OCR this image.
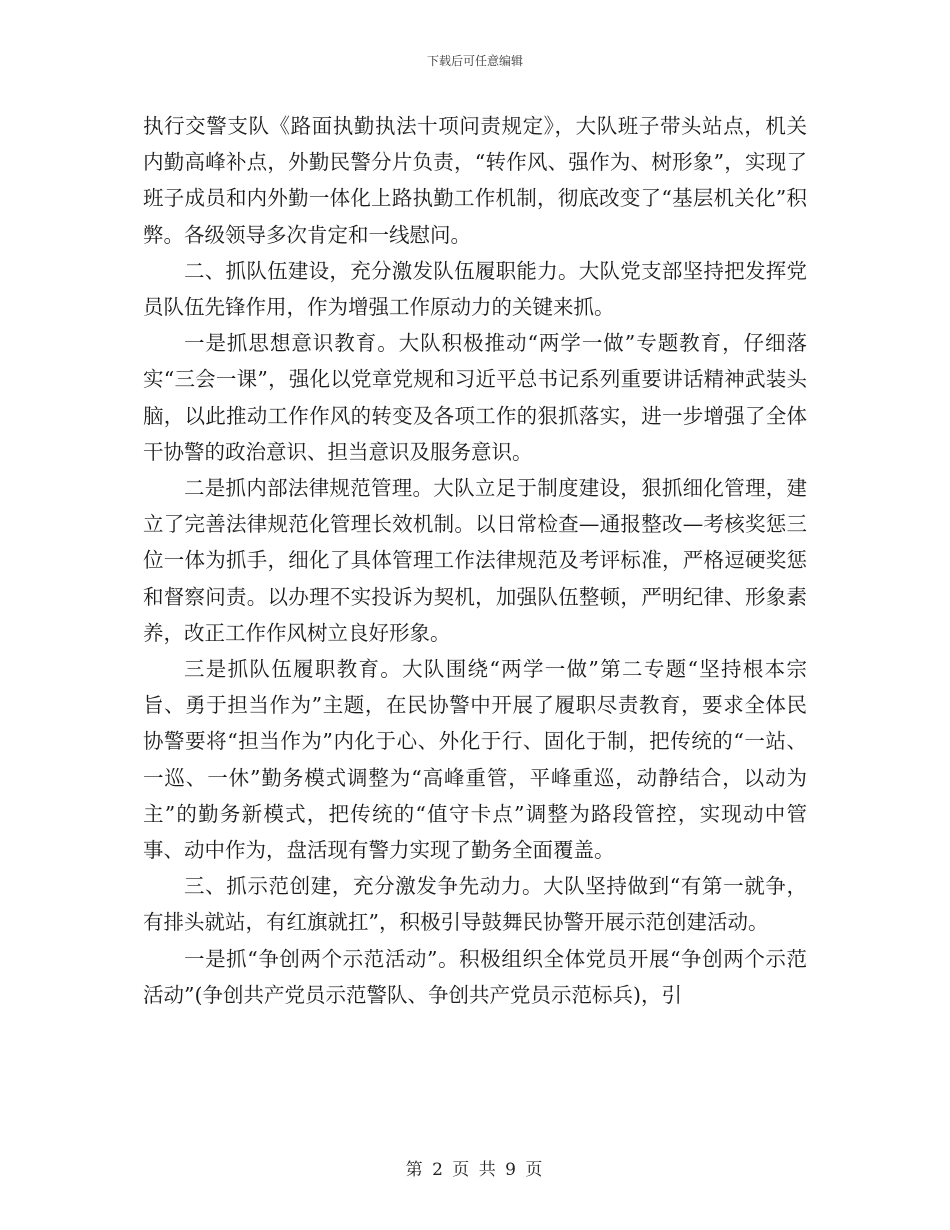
下载后可任意编辑

执行交警支队《路面执勤执法十项问责规定》，大队班子带头站点，机关内勤高峰补点，外勤民警分片负责，“转作风、强作为、树形象”，实现了班子成员和内外勤一体化上路执勤工作机制，彻底改变了“基层机关化”积弊。各级领导多次肯定和一线慰问。

二、抓队伍建设，充分激发队伍履职能力。大队党支部坚持把发挥党员队伍先锋作用，作为增强工作原动力的关键来抓。

一是抓思想意识教育。大队积极推动“两学一做”专题教育，仔细落实“三会一课”，强化以党章党规和习近平总书记系列重要讲话精神武装头脑，以此推动工作作风的转变及各项工作的狠抓落实，进一步增强了全体干协警的政治意识、担当意识及服务意识。

二是抓内部法律规范管理。大队立足于制度建设，狠抓细化管理，建立了完善法律规范化管理长效机制。以日常检查—通报整改—考核奖惩三位一体为抓手，细化了具体管理工作法律规范及考评标准，严格逗硬奖惩和督察问责。以办理不实投诉为契机，加强队伍整顿，严明纪律、形象素养，改正工作作风树立良好形象。

三是抓队伍履职教育。大队围绕“两学一做”第二专题“坚持根本宗旨、勇于担当作为”主题，在民协警中开展了履职尽责教育，要求全体民协警要将“担当作为”内化于心、外化于行、固化于制，把传统的“一站、一巡、一休”勤务模式调整为“高峰重管，平峰重巡，动静结合，以动为主”的勤务新模式，把传统的“值守卡点”调整为路段管控，实现动中管事、动中作为，盘活现有警力实现了勤务全面覆盖。

三、抓示范创建，充分激发争先动力。大队坚持做到“有第一就争，有排头就站，有红旗就扛”，积极引导鼓舞民协警开展示范创建活动。

一是抓“争创两个示范活动”。积极组织全体党员开展“争创两个示范活动”(争创共产党员示范警队、争创共产党员示范标兵)，引

第 2 页 共 9 页
